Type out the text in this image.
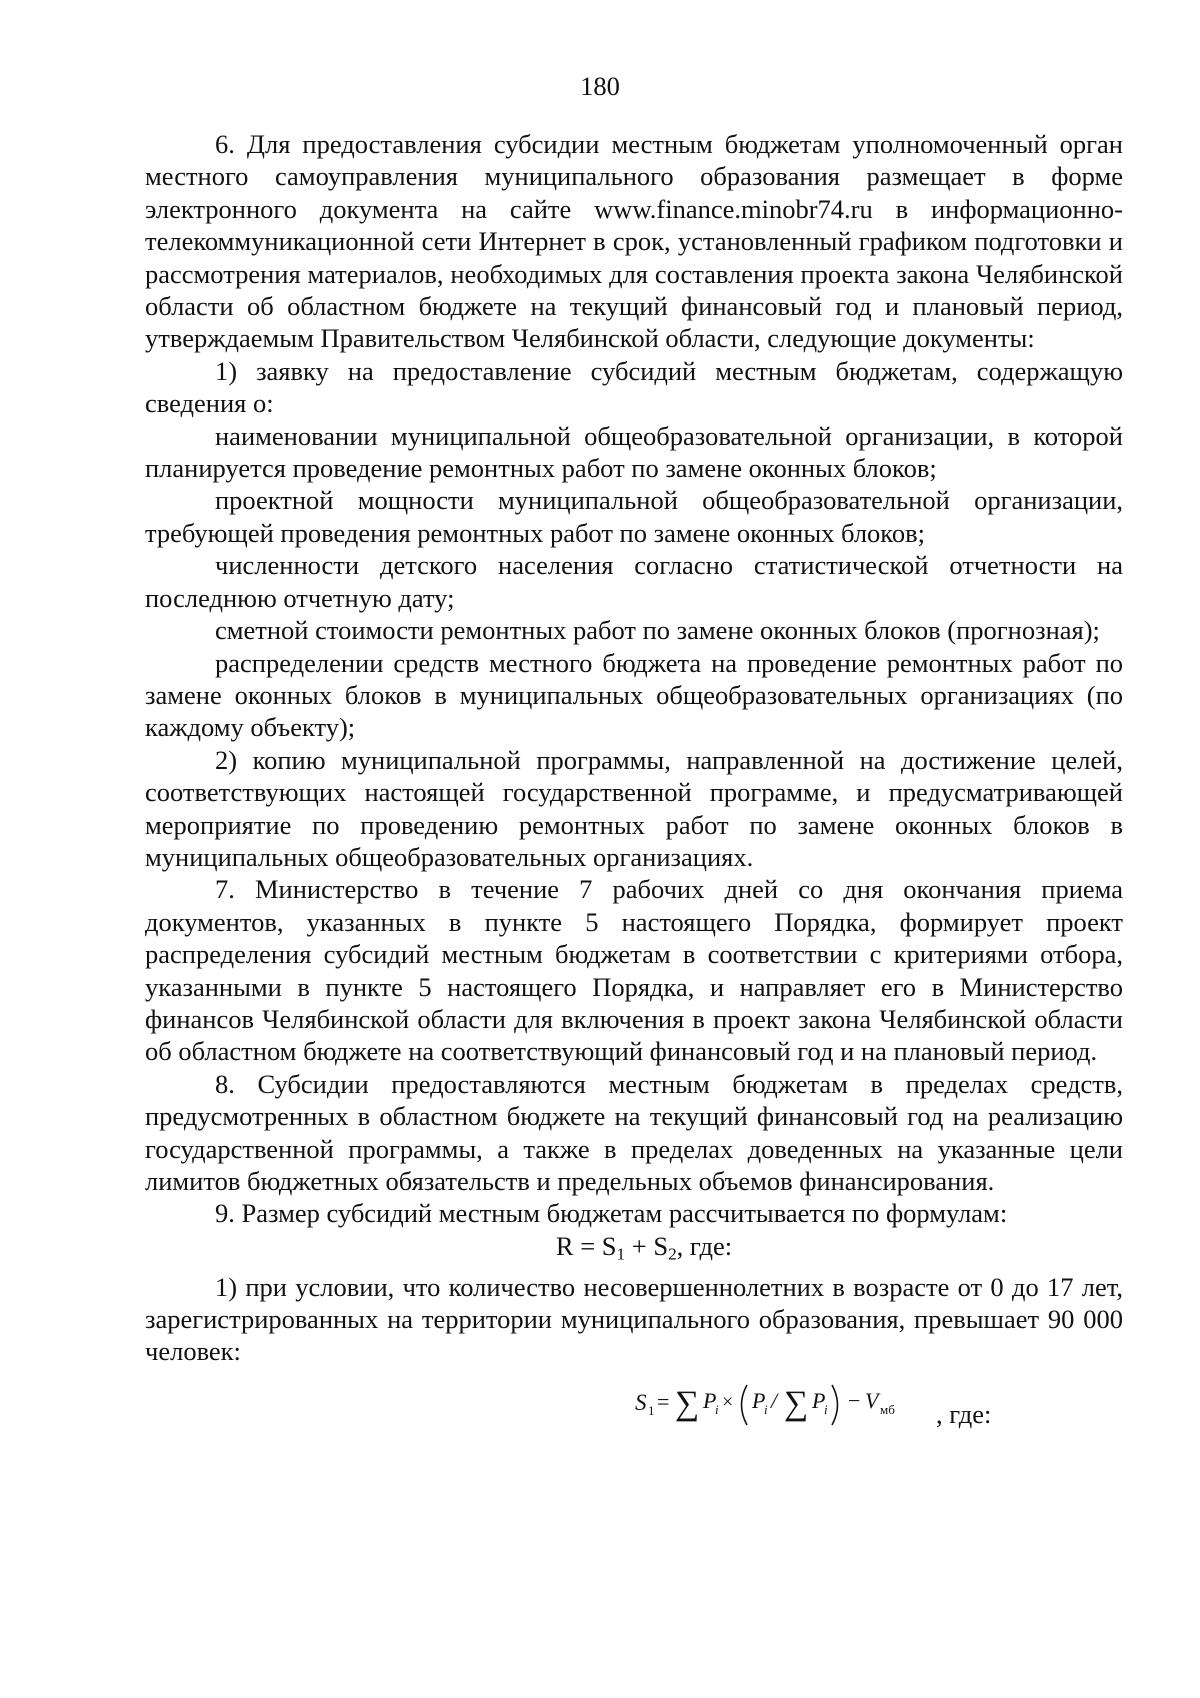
180

6. Для предоставления субсидии местным бюджетам уполномоченный орган местного самоуправления муниципального образования размещает в форме электронного документа на сайте www.finance.minobr74.ru в информационно-телекоммуникационной сети Интернет в срок, установленный графиком подготовки и рассмотрения материалов, необходимых для составления проекта закона Челябинской области об областном бюджете на текущий финансовый год и плановый период, утверждаемым Правительством Челябинской области, следующие документы:

1) заявку на предоставление субсидий местным бюджетам, содержащую сведения о:

наименовании муниципальной общеобразовательной организации, в которой планируется проведение ремонтных работ по замене оконных блоков;

проектной мощности муниципальной общеобразовательной организации, требующей проведения ремонтных работ по замене оконных блоков;

численности детского населения согласно статистической отчетности на последнюю отчетную дату;

сметной стоимости ремонтных работ по замене оконных блоков (прогнозная);

распределении средств местного бюджета на проведение ремонтных работ по замене оконных блоков в муниципальных общеобразовательных организациях (по каждому объекту);

2) копию муниципальной программы, направленной на достижение целей, соответствующих настоящей государственной программе, и предусматривающей мероприятие по проведению ремонтных работ по замене оконных блоков в муниципальных общеобразовательных организациях.

7. Министерство в течение 7 рабочих дней со дня окончания приема документов, указанных в пункте 5 настоящего Порядка, формирует проект распределения субсидий местным бюджетам в соответствии с критериями отбора, указанными в пункте 5 настоящего Порядка, и направляет его в Министерство финансов Челябинской области для включения в проект закона Челябинской области об областном бюджете на соответствующий финансовый год и на плановый период.

8. Субсидии предоставляются местным бюджетам в пределах средств, предусмотренных в областном бюджете на текущий финансовый год на реализацию государственной программы, а также в пределах доведенных на указанные цели лимитов бюджетных обязательств и предельных объемов финансирования.

9. Размер субсидий местным бюджетам рассчитывается по формулам:

$R = S_1 + S_2$, где:

1) при условии, что количество несовершеннолетних в возрасте от 0 до 17 лет, зарегистрированных на территории муниципального образования, превышает 90 000 человек:

S 1 = ∑ P
i × P
i / ∑ P
i − V мб , где:
